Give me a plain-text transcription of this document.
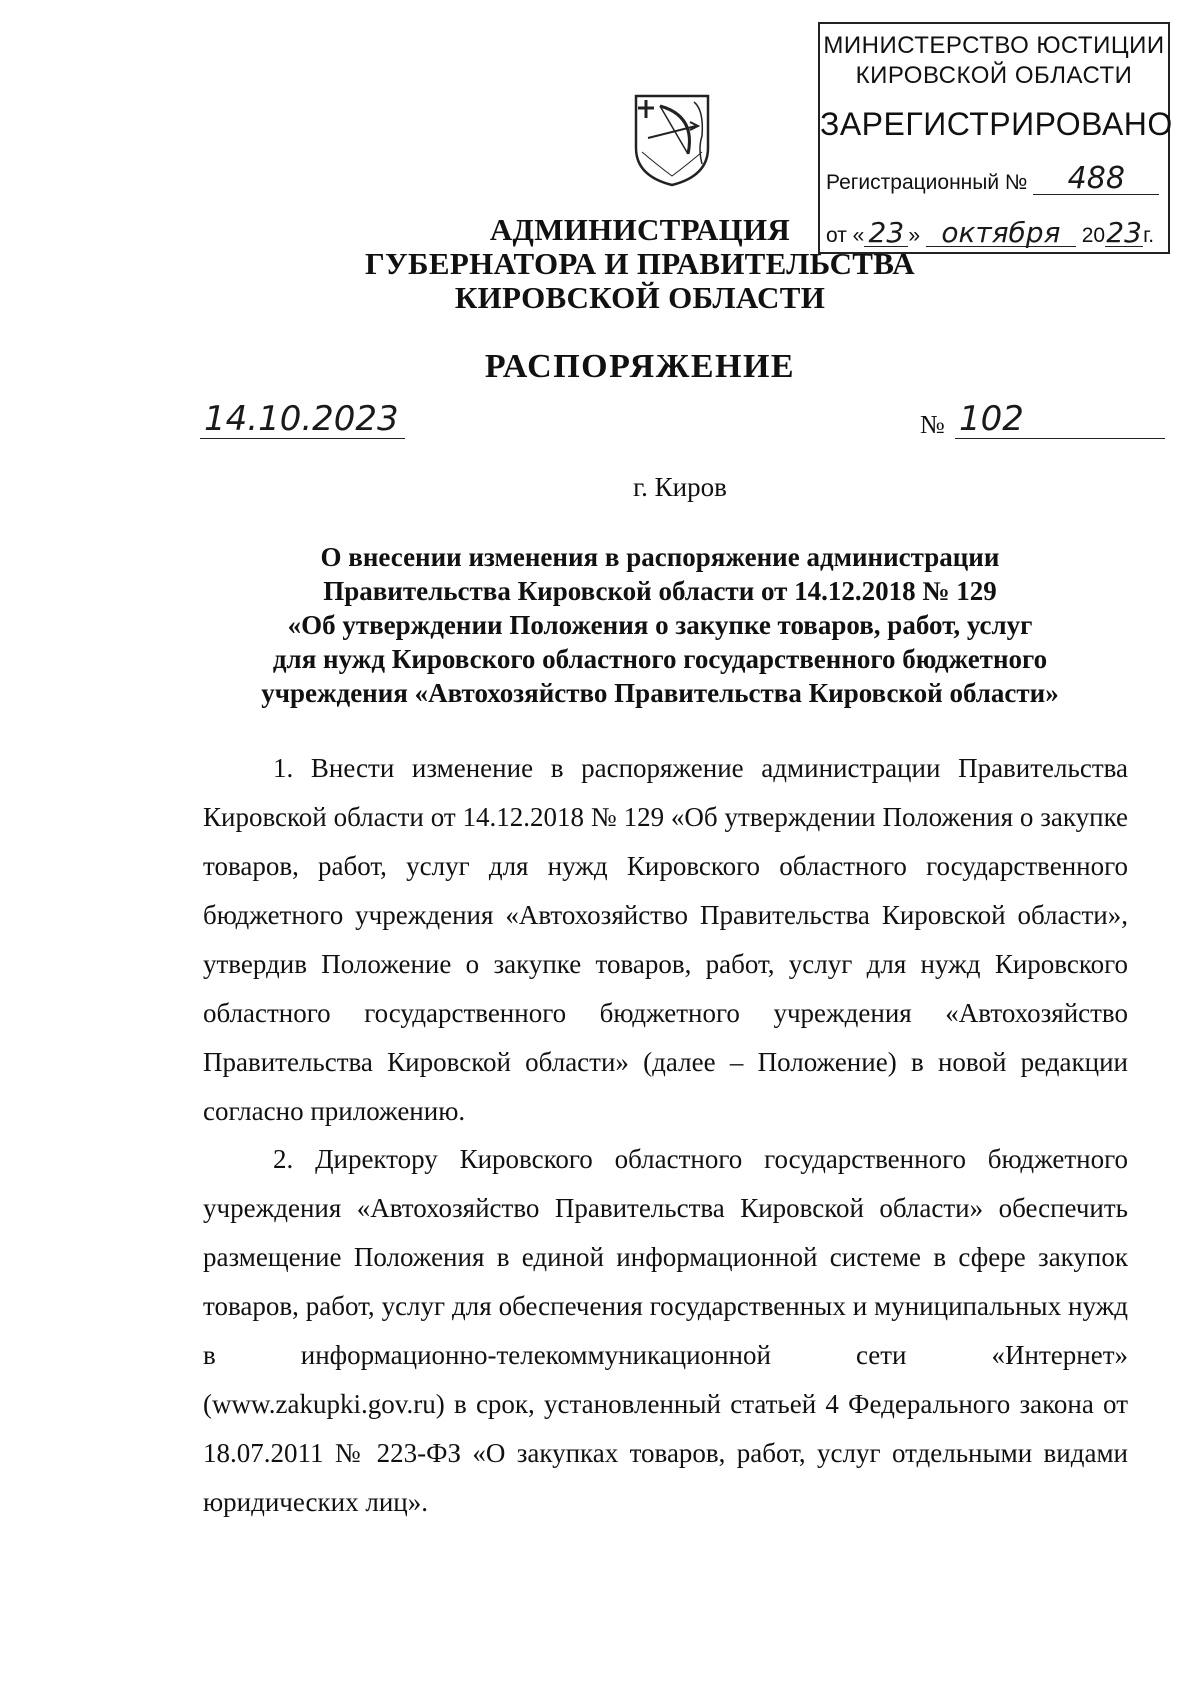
МИНИСТЕРСТВО ЮСТИЦИИ
КИРОВСКОЙ ОБЛАСТИ
ЗАРЕГИСТРИРОВАНО
Регистрационный № 488
от « 23 » октября 2023г.
АДМИНИСТРАЦИЯ
ГУБЕРНАТОРА И ПРАВИТЕЛЬСТВА
КИРОВСКОЙ ОБЛАСТИ
РАСПОРЯЖЕНИЕ
14.10.2023	№ 102
г. Киров
О внесении изменения в распоряжение администрации
Правительства Кировской области от 14.12.2018 № 129
«Об утверждении Положения о закупке товаров, работ, услуг
для нужд Кировского областного государственного бюджетного
учреждения «Автохозяйство Правительства Кировской области»

1. Внести изменение в распоряжение администрации Правительства Кировской области от 14.12.2018 № 129 «Об утверждении Положения о закупке товаров, работ, услуг для нужд Кировского областного государственного бюджетного учреждения «Автохозяйство Правительства Кировской области», утвердив Положение о закупке товаров, работ, услуг для нужд Кировского областного государственного бюджетного учреждения «Автохозяйство Правительства Кировской области» (далее – Положение) в новой редакции согласно приложению.

2. Директору Кировского областного государственного бюджетного учреждения «Автохозяйство Правительства Кировской области» обеспечить размещение Положения в единой информационной системе в сфере закупок товаров, работ, услуг для обеспечения государственных и муниципальных нужд в информационно-телекоммуникационной сети «Интернет» (www.zakupki.gov.ru) в срок, установленный статьей 4 Федерального закона от 18.07.2011 № 223-ФЗ «О закупках товаров, работ, услуг отдельными видами юридических лиц».
